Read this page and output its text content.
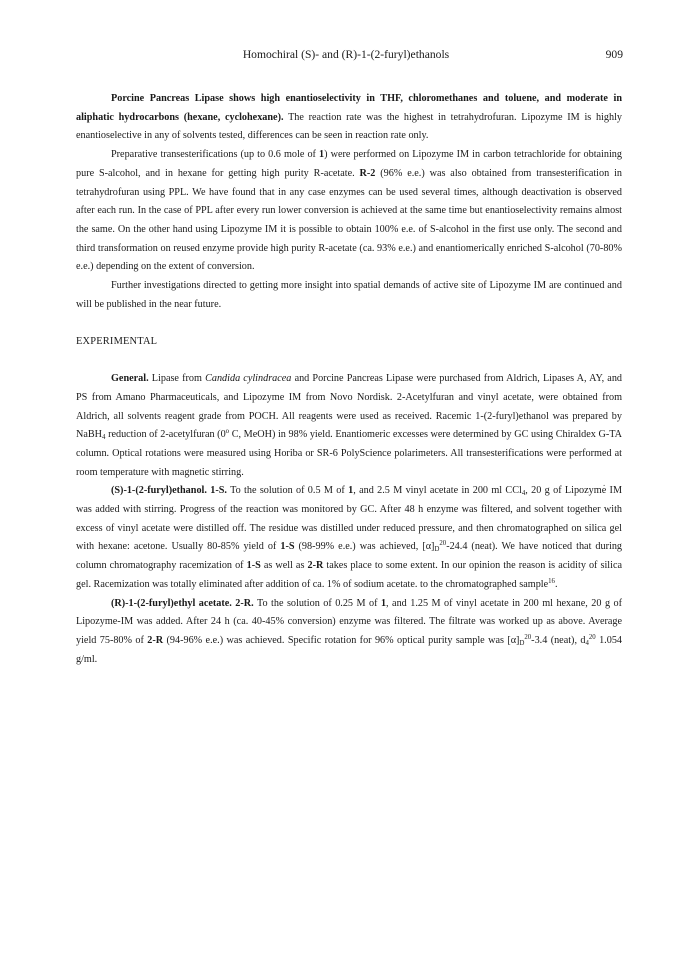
Homochiral (S)- and (R)-1-(2-furyl)ethanols	909

Porcine Pancreas Lipase shows high enantioselectivity in THF, chloromethanes and toluene, and moderate in aliphatic hydrocarbons (hexane, cyclohexane). The reaction rate was the highest in tetrahydrofuran. Lipozyme IM is highly enantioselective in any of solvents tested, differences can be seen in reaction rate only.

Preparative transesterifications (up to 0.6 mole of 1) were performed on Lipozyme IM in carbon tetrachloride for obtaining pure S-alcohol, and in hexane for getting high purity R-acetate. R-2 (96% e.e.) was also obtained from transesterification in tetrahydrofuran using PPL. We have found that in any case enzymes can be used several times, although deactivation is observed after each run. In the case of PPL after every run lower conversion is achieved at the same time but enantioselectivity remains almost the same. On the other hand using Lipozyme IM it is possible to obtain 100% e.e. of S-alcohol in the first use only. The second and third transformation on reused enzyme provide high purity R-acetate (ca. 93% e.e.) and enantiomerically enriched S-alcohol (70-80% e.e.) depending on the extent of conversion.

Further investigations directed to getting more insight into spatial demands of active site of Lipozyme IM are continued and will be published in the near future.

EXPERIMENTAL

General. Lipase from Candida cylindracea and Porcine Pancreas Lipase were purchased from Aldrich, Lipases A, AY, and PS from Amano Pharmaceuticals, and Lipozyme IM from Novo Nordisk. 2-Acetylfuran and vinyl acetate, were obtained from Aldrich, all solvents reagent grade from POCH. All reagents were used as received. Racemic 1-(2-furyl)ethanol was prepared by NaBH$_4$ reduction of 2-acetylfuran (0$^o$ C, MeOH) in 98% yield. Enantiomeric excesses were determined by GC using Chiraldex G-TA column. Optical rotations were measured using Horiba or SR-6 PolyScience polarimeters. All transesterifications were performed at room temperature with magnetic stirring.

(S)-1-(2-furyl)ethanol. 1-S. To the solution of 0.5 M of 1, and 2.5 M vinyl acetate in 200 ml CCl$_4$, 20 g of Lipozyme IM was added with stirring. Progress of the reaction was monitored by GC. After 48 h enzyme was filtered, and solvent together with excess of vinyl acetate were distilled off. The residue was distilled under reduced pressure, and then chromatographed on silica gel with hexane: acetone. Usually 80-85% yield of 1-S (98-99% e.e.) was achieved, $[\alpha]_D^{20}-24.4$ (neat). We have noticed that during column chromatography racemization of 1-S as well as 2-R takes place to some extent. In our opinion the reason is acidity of silica gel. Racemization was totally eliminated after addition of ca. 1% of sodium acetate. to the chromatographed sample$^{16}$.

(R)-1-(2-furyl)ethyl acetate. 2-R. To the solution of 0.25 M of 1, and 1.25 M of vinyl acetate in 200 ml hexane, 20 g of Lipozyme-IM was added. After 24 h (ca. 40-45% conversion) enzyme was filtered. The filtrate was worked up as above. Average yield 75-80% of 2-R (94-96% e.e.) was achieved. Specific rotation for 96% optical purity sample was $[\alpha]_D^{20}-3.4$ (neat), $d_4^{20}$ 1.054 g/ml.

.
